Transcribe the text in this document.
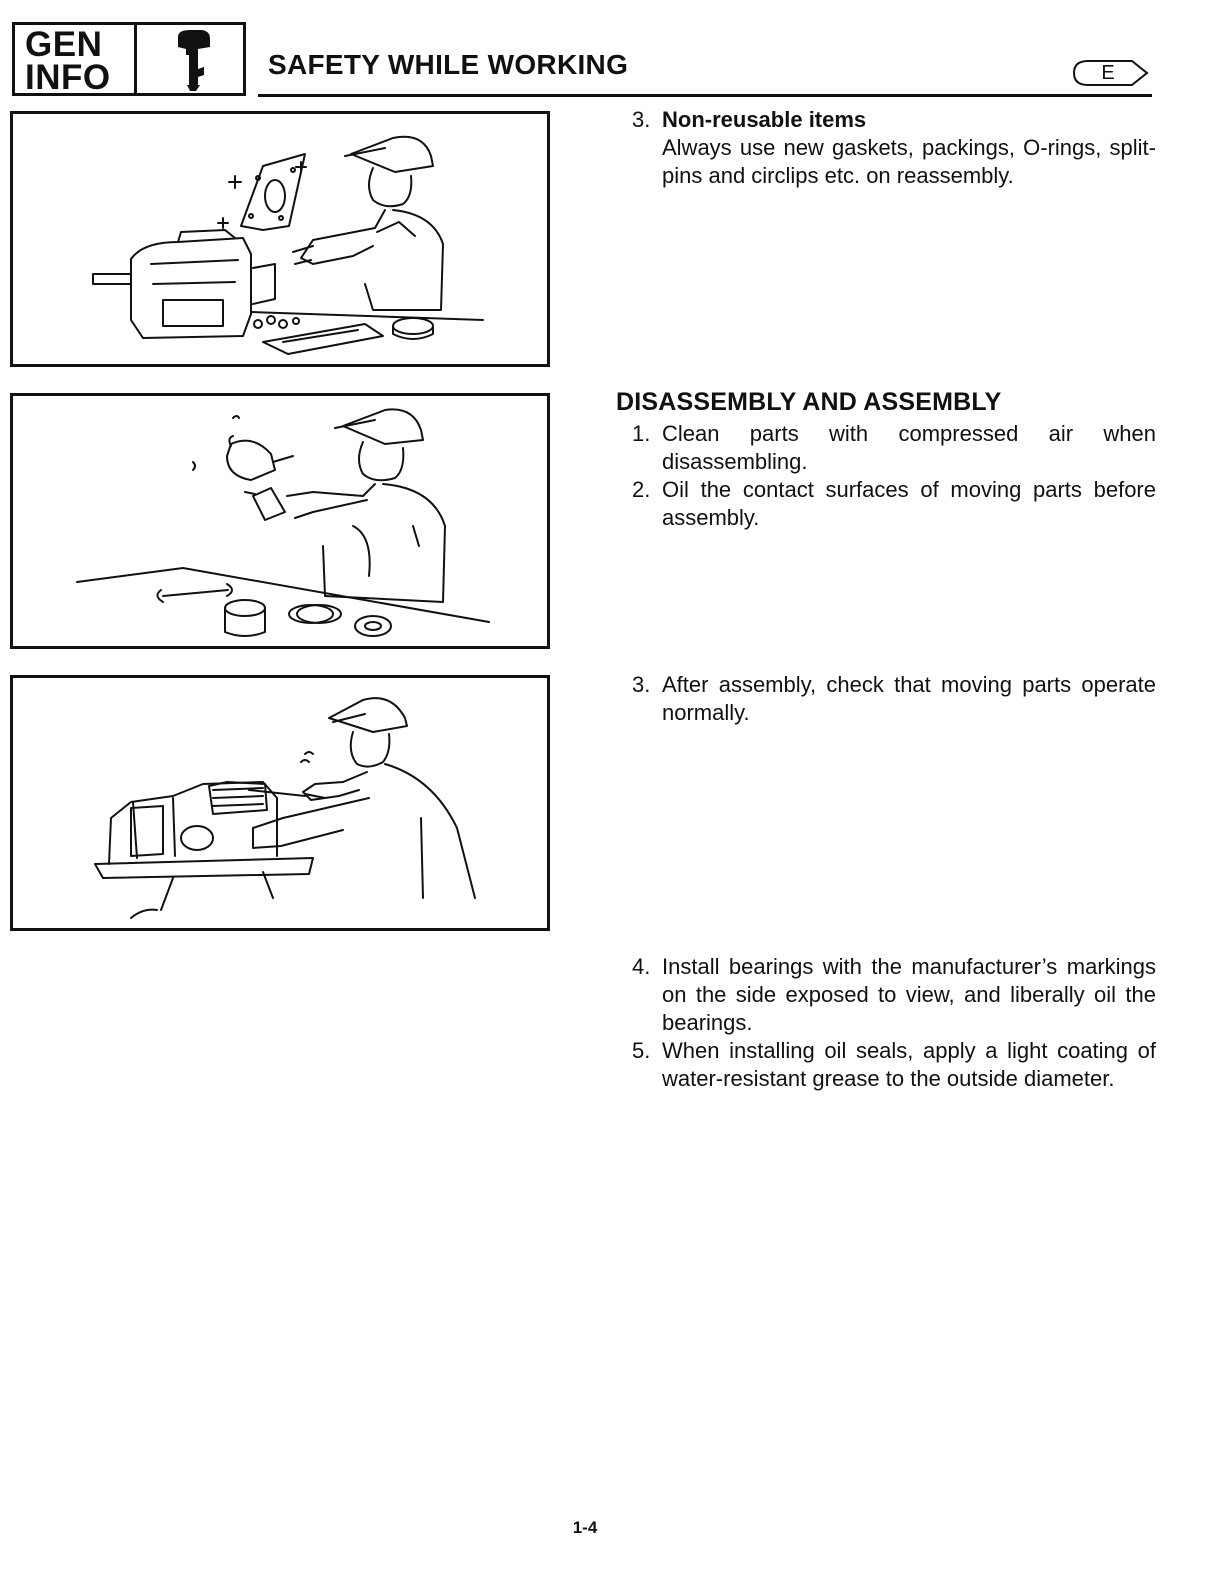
GEN
INFO	SAFETY WHILE WORKING	E
3. Non-reusable items
Always use new gaskets, packings, O-rings, split-pins and circlips etc. on reassembly.
DISASSEMBLY AND ASSEMBLY
1. Clean parts with compressed air when disassembling.
2. Oil the contact surfaces of moving parts before assembly.
3. After assembly, check that moving parts operate normally.
4. Install bearings with the manufacturer’s markings on the side exposed to view, and liberally oil the bearings.
5. When installing oil seals, apply a light coating of water-resistant grease to the outside diameter.
1-4
